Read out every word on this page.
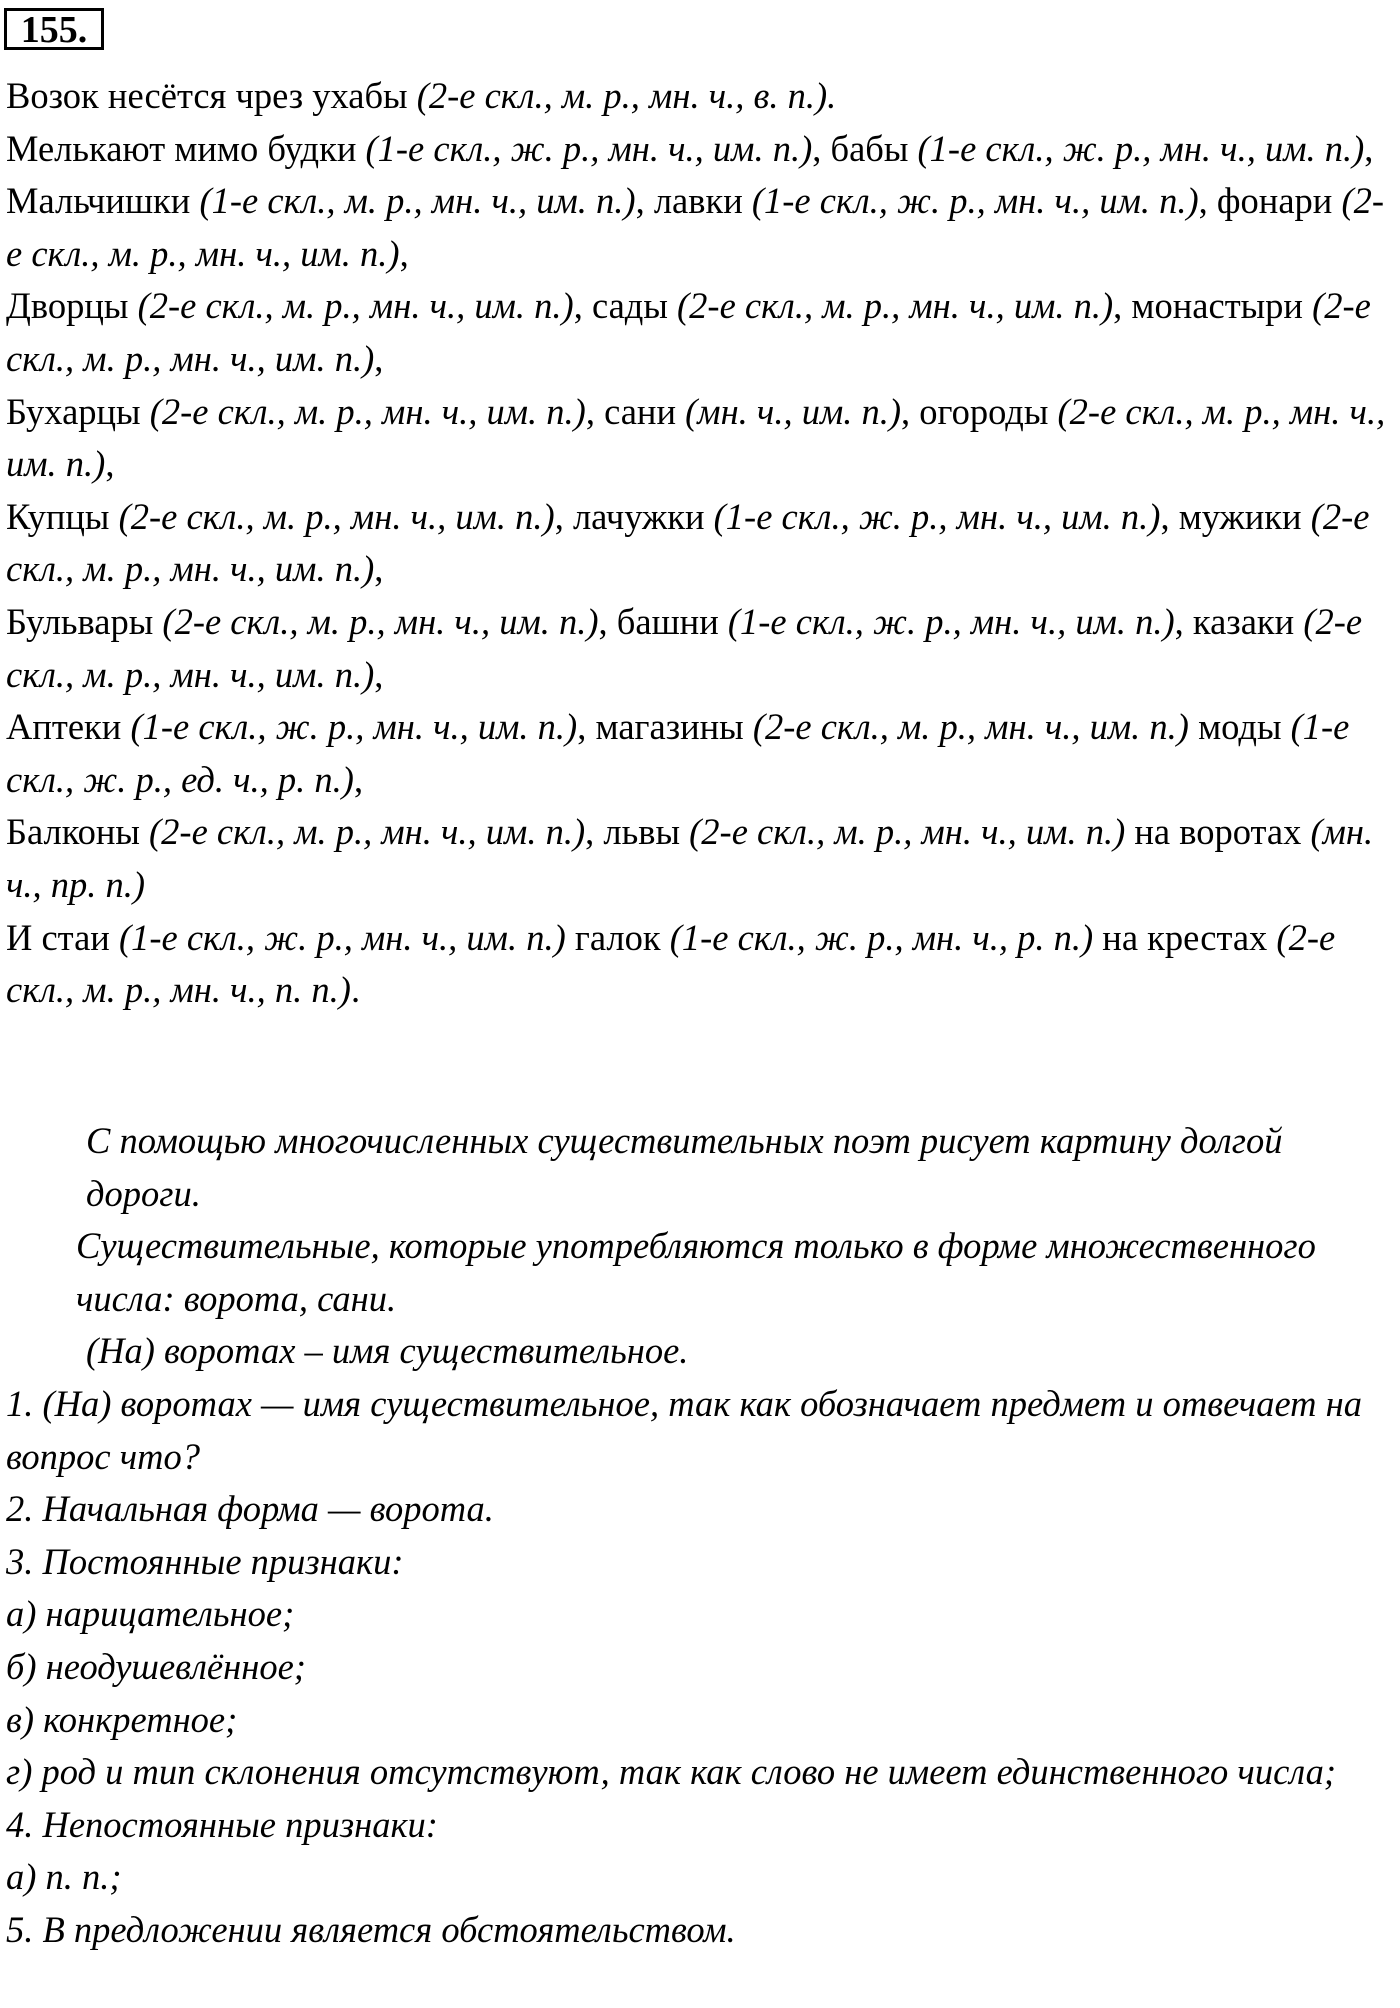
155.

Возок несётся чрез ухабы (2-е скл., м. р., мн. ч., в. п.).

Мелькают мимо будки (1-е скл., ж. р., мн. ч., им. п.), бабы (1-е скл., ж. р., мн. ч., им. п.),

Мальчишки (1-е скл., м. р., мн. ч., им. п.), лавки (1-е скл., ж. р., мн. ч., им. п.), фонари (2-е скл., м. р., мн. ч., им. п.),

Дворцы (2-е скл., м. р., мн. ч., им. п.), сады (2-е скл., м. р., мн. ч., им. п.), монастыри (2-е скл., м. р., мн. ч., им. п.),

Бухарцы (2-е скл., м. р., мн. ч., им. п.), сани (мн. ч., им. п.), огороды (2-е скл., м. р., мн. ч., им. п.),

Купцы (2-е скл., м. р., мн. ч., им. п.), лачужки (1-е скл., ж. р., мн. ч., им. п.), мужики (2-е скл., м. р., мн. ч., им. п.),

Бульвары (2-е скл., м. р., мн. ч., им. п.), башни (1-е скл., ж. р., мн. ч., им. п.), казаки (2-е скл., м. р., мн. ч., им. п.),

Аптеки (1-е скл., ж. р., мн. ч., им. п.), магазины (2-е скл., м. р., мн. ч., им. п.) моды (1-е скл., ж. р., ед. ч., р. п.),

Балконы (2-е скл., м. р., мн. ч., им. п.), львы (2-е скл., м. р., мн. ч., им. п.) на воротах (мн. ч., пр. п.)

И стаи (1-е скл., ж. р., мн. ч., им. п.) галок (1-е скл., ж. р., мн. ч., р. п.) на крестах (2-е скл., м. р., мн. ч., п. п.).

С помощью многочисленных существительных поэт рисует картину долгой дороги.

Существительные, которые употребляются только в форме множественного числа: ворота, сани.

(На) воротах – имя существительное.

1. (На) воротах — имя существительное, так как обозначает предмет и отвечает на вопрос что?

2. Начальная форма — ворота.

3. Постоянные признаки:

а) нарицательное;

б) неодушевлённое;

в) конкретное;

г) род и тип склонения отсутствуют, так как слово не имеет единственного числа;

4. Непостоянные признаки:

а) п. п.;

5. В предложении является обстоятельством.
